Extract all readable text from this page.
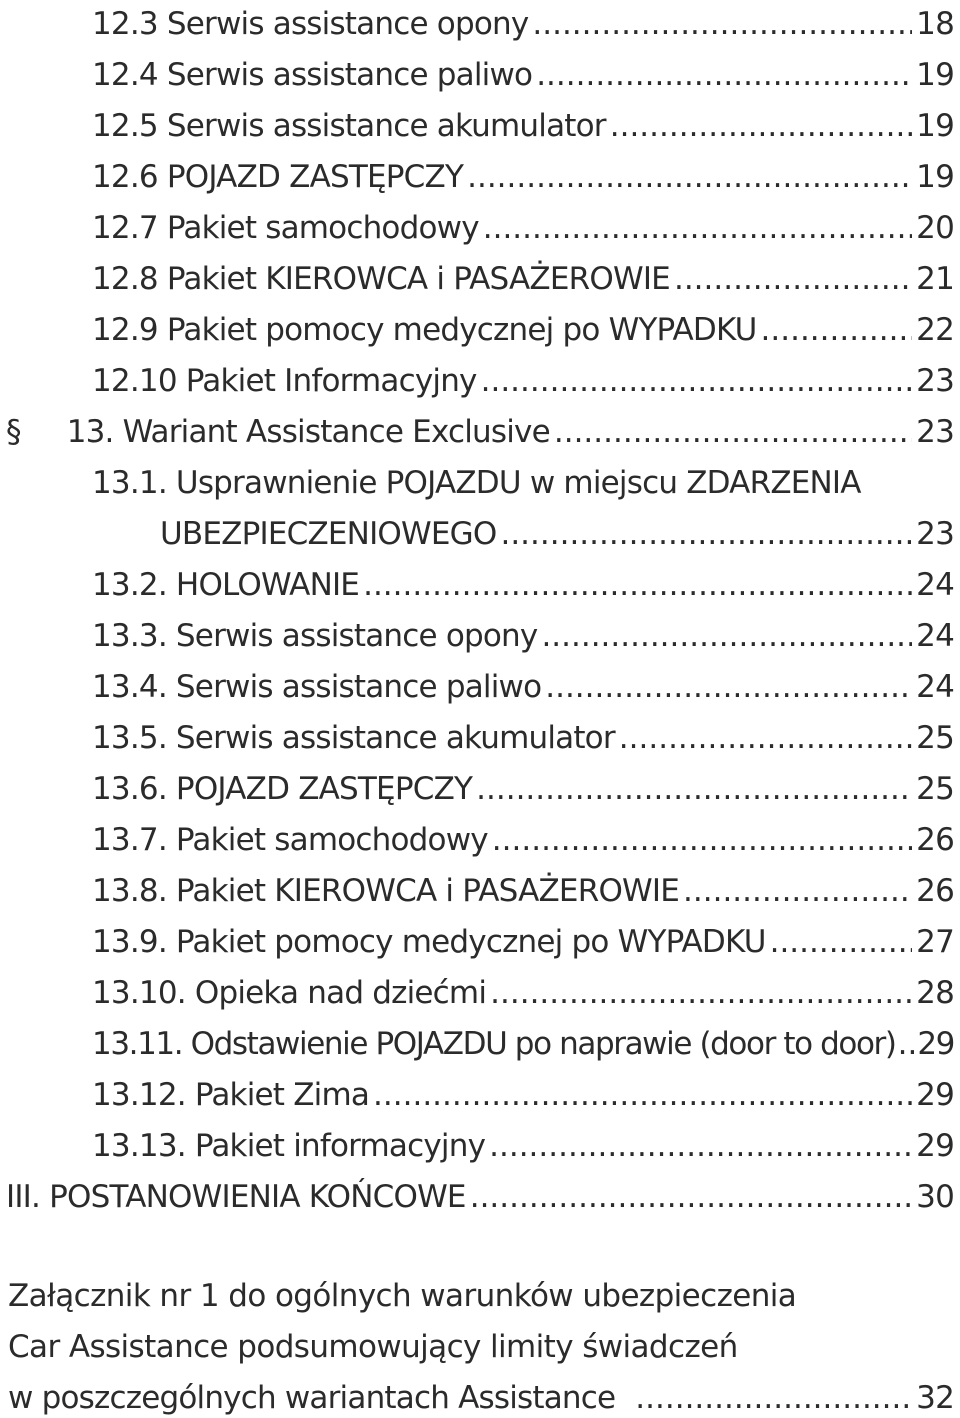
12.3 Serwis assistance opony .....	18
12.4 Serwis assistance paliwo .....	19
12.5 Serwis assistance akumulator .....	19
12.6 POJAZD ZASTĘPCZY .....	19
12.7 Pakiet samochodowy .....	20
12.8 Pakiet KIEROWCA i PASAŻEROWIE .....	21
12.9 Pakiet pomocy medycznej po WYPADKU .....	22
12.10 Pakiet Informacyjny .....	23
§ 13. Wariant Assistance Exclusive .....	23
13.1. Usprawnienie POJAZDU w miejscu ZDARZENIA
UBEZPIECZENIOWEGO .....	23
13.2. HOLOWANIE .....	24
13.3. Serwis assistance opony .....	24
13.4. Serwis assistance paliwo .....	24
13.5. Serwis assistance akumulator .....	25
13.6. POJAZD ZASTĘPCZY .....	25
13.7. Pakiet samochodowy .....	26
13.8. Pakiet KIEROWCA i PASAŻEROWIE .....	26
13.9. Pakiet pomocy medycznej po WYPADKU .....	27
13.10. Opieka nad dziećmi .....	28
13.11. Odstawienie POJAZDU po naprawie (door to door) ..... 29
13.12. Pakiet Zima .....	29
13.13. Pakiet informacyjny .....	29
III. POSTANOWIENIA KOŃCOWE .....	30
Załącznik nr 1 do ogólnych warunków ubezpieczenia
Car Assistance podsumowujący limity świadczeń
w poszczególnych wariantach Assistance .....	32
